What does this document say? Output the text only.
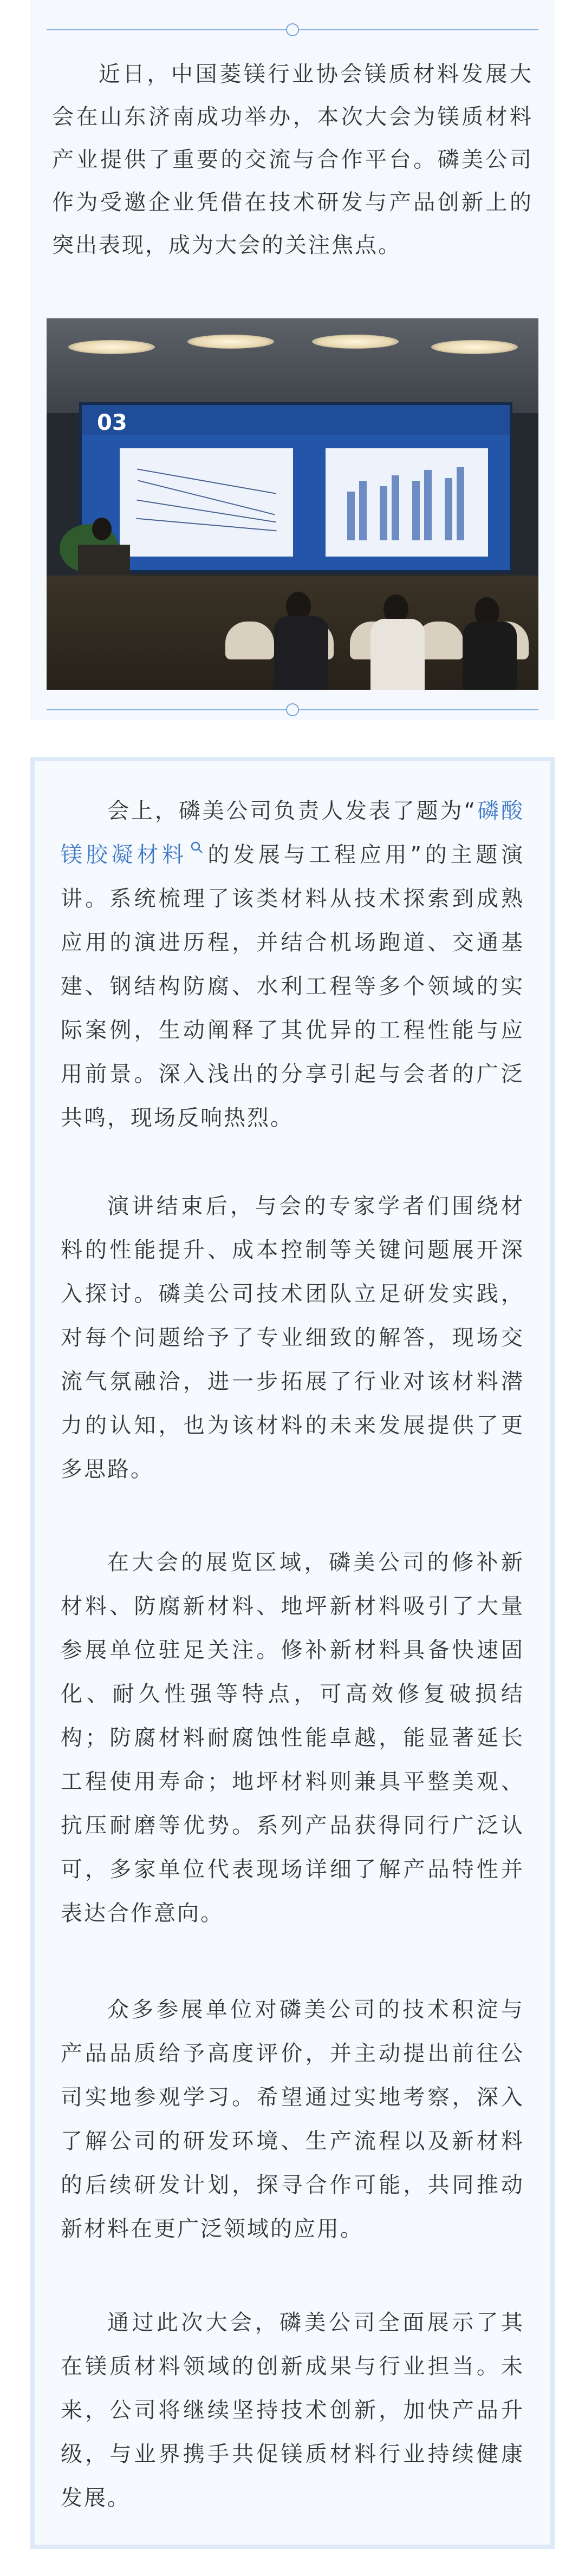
近日，中国菱镁行业协会镁质材料发展大会在山东济南成功举办，本次大会为镁质材料产业提供了重要的交流与合作平台。磷美公司作为受邀企业凭借在技术研发与产品创新上的突出表现，成为大会的关注焦点。

03

会上，磷美公司负责人发表了题为“磷酸镁胶凝材料 的发展与工程应用”的主题演讲。系统梳理了该类材料从技术探索到成熟应用的演进历程，并结合机场跑道、交通基建、钢结构防腐、水利工程等多个领域的实际案例，生动阐释了其优异的工程性能与应用前景。深入浅出的分享引起与会者的广泛共鸣，现场反响热烈。

演讲结束后，与会的专家学者们围绕材料的性能提升、成本控制等关键问题展开深入探讨。磷美公司技术团队立足研发实践，对每个问题给予了专业细致的解答，现场交流气氛融洽，进一步拓展了行业对该材料潜力的认知，也为该材料的未来发展提供了更多思路。

在大会的展览区域，磷美公司的修补新材料、防腐新材料、地坪新材料吸引了大量参展单位驻足关注。修补新材料具备快速固化、耐久性强等特点，可高效修复破损结构；防腐材料耐腐蚀性能卓越，能显著延长工程使用寿命；地坪材料则兼具平整美观、抗压耐磨等优势。系列产品获得同行广泛认可，多家单位代表现场详细了解产品特性并表达合作意向。

众多参展单位对磷美公司的技术积淀与产品品质给予高度评价，并主动提出前往公司实地参观学习。希望通过实地考察，深入了解公司的研发环境、生产流程以及新材料的后续研发计划，探寻合作可能，共同推动新材料在更广泛领域的应用。

通过此次大会，磷美公司全面展示了其在镁质材料领域的创新成果与行业担当。未来，公司将继续坚持技术创新，加快产品升级，与业界携手共促镁质材料行业持续健康发展。
